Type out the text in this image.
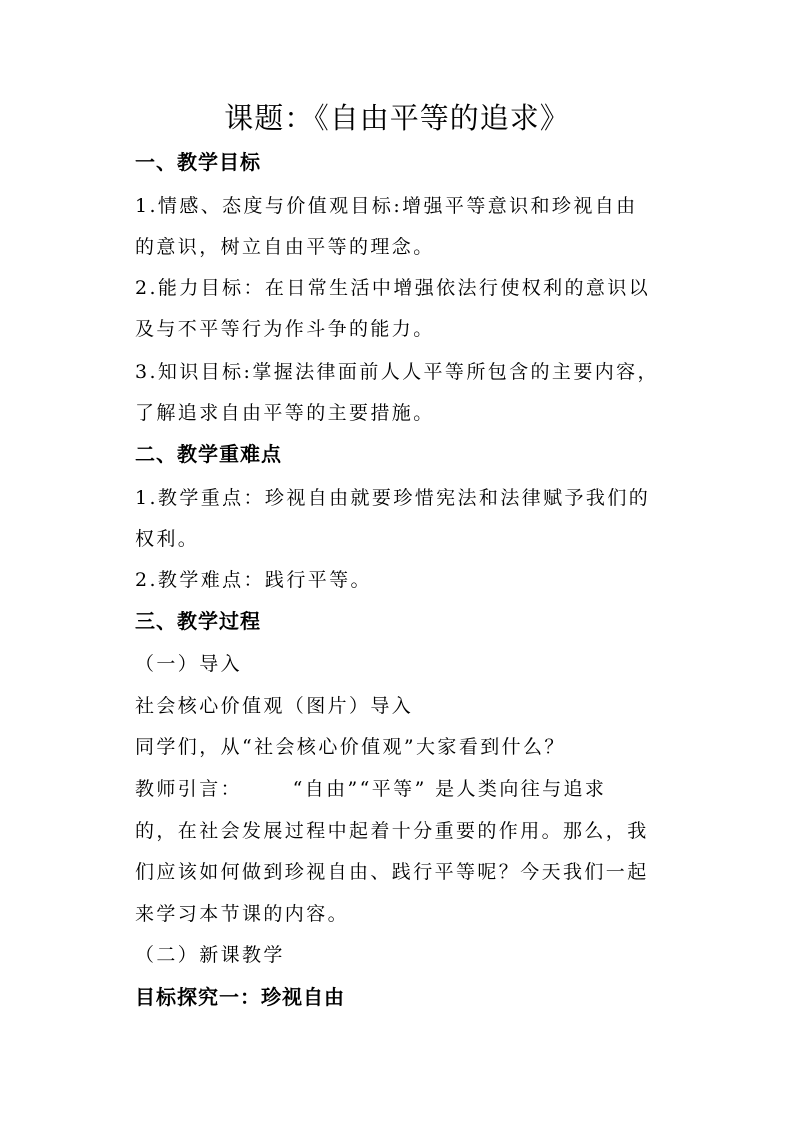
课题：《自由平等的追求》
一、教学目标
1.情感、态度与价值观目标:增强平等意识和珍视自由
的意识，树立自由平等的理念。
2.能力目标：在日常生活中增强依法行使权利的意识以
及与不平等行为作斗争的能力。
3.知识目标:掌握法律面前人人平等所包含的主要内容，
了解追求自由平等的主要措施。
二、教学重难点
1.教学重点：珍视自由就要珍惜宪法和法律赋予我们的
权利。
2.教学难点：践行平等。
三、教学过程
（一）导入
社会核心价值观（图片）导入
同学们，从“社会核心价值观”大家看到什么？
教师引言：      “自由”“平等” 是人类向往与追求
的，在社会发展过程中起着十分重要的作用。那么，我
们应该如何做到珍视自由、践行平等呢？今天我们一起
来学习本节课的内容。
（二）新课教学
目标探究一：珍视自由
